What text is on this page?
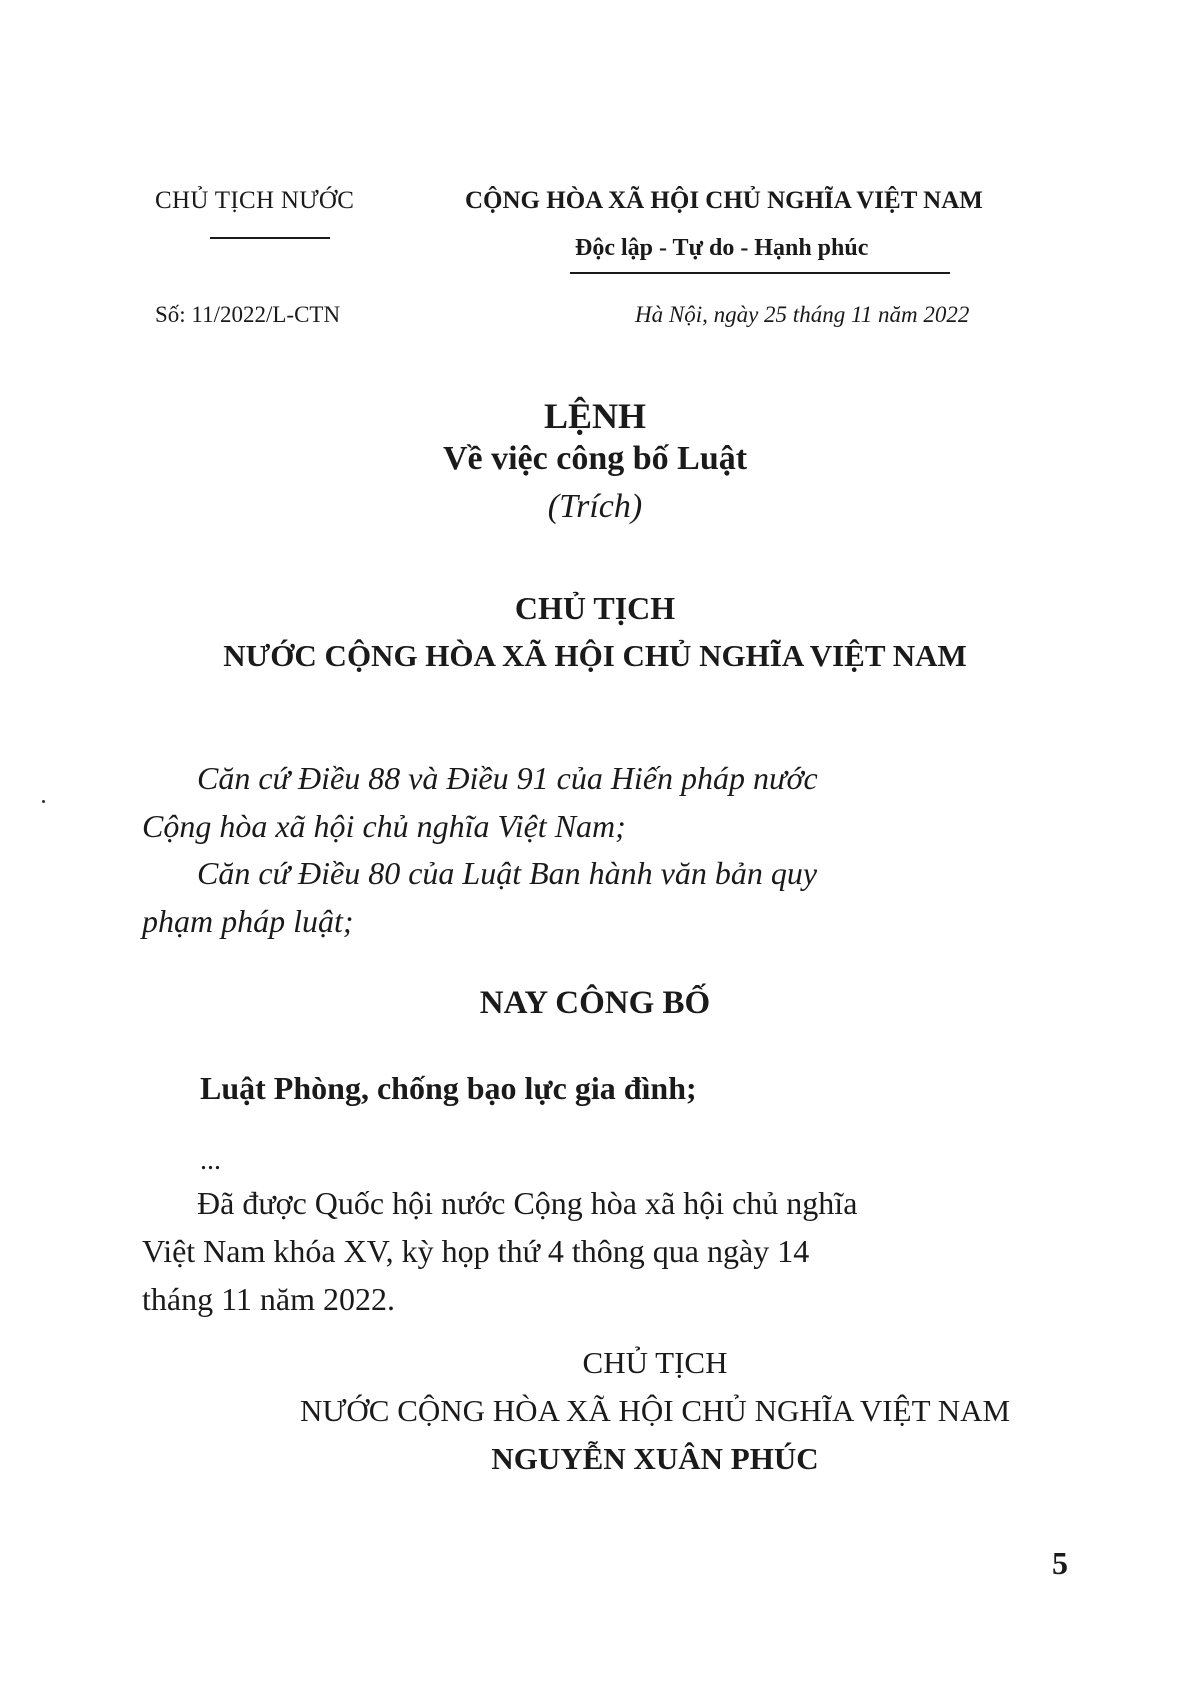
CHỦ TỊCH NƯỚC	CỘNG HÒA XÃ HỘI CHỦ NGHĨA VIỆT NAM
Độc lập - Tự do - Hạnh phúc
Số: 11/2022/L-CTN	Hà Nội, ngày 25 tháng 11 năm 2022
LỆNH
Về việc công bố Luật
(Trích)
CHỦ TỊCH
NƯỚC CỘNG HÒA XÃ HỘI CHỦ NGHĨA VIỆT NAM
Căn cứ Điều 88 và Điều 91 của Hiến pháp nước
Cộng hòa xã hội chủ nghĩa Việt Nam;
Căn cứ Điều 80 của Luật Ban hành văn bản quy
phạm pháp luật;
NAY CÔNG BỐ
Luật Phòng, chống bạo lực gia đình;
...
Đã được Quốc hội nước Cộng hòa xã hội chủ nghĩa
Việt Nam khóa XV, kỳ họp thứ 4 thông qua ngày 14
tháng 11 năm 2022.
CHỦ TỊCH
NƯỚC CỘNG HÒA XÃ HỘI CHỦ NGHĨA VIỆT NAM
NGUYỄN XUÂN PHÚC
5
